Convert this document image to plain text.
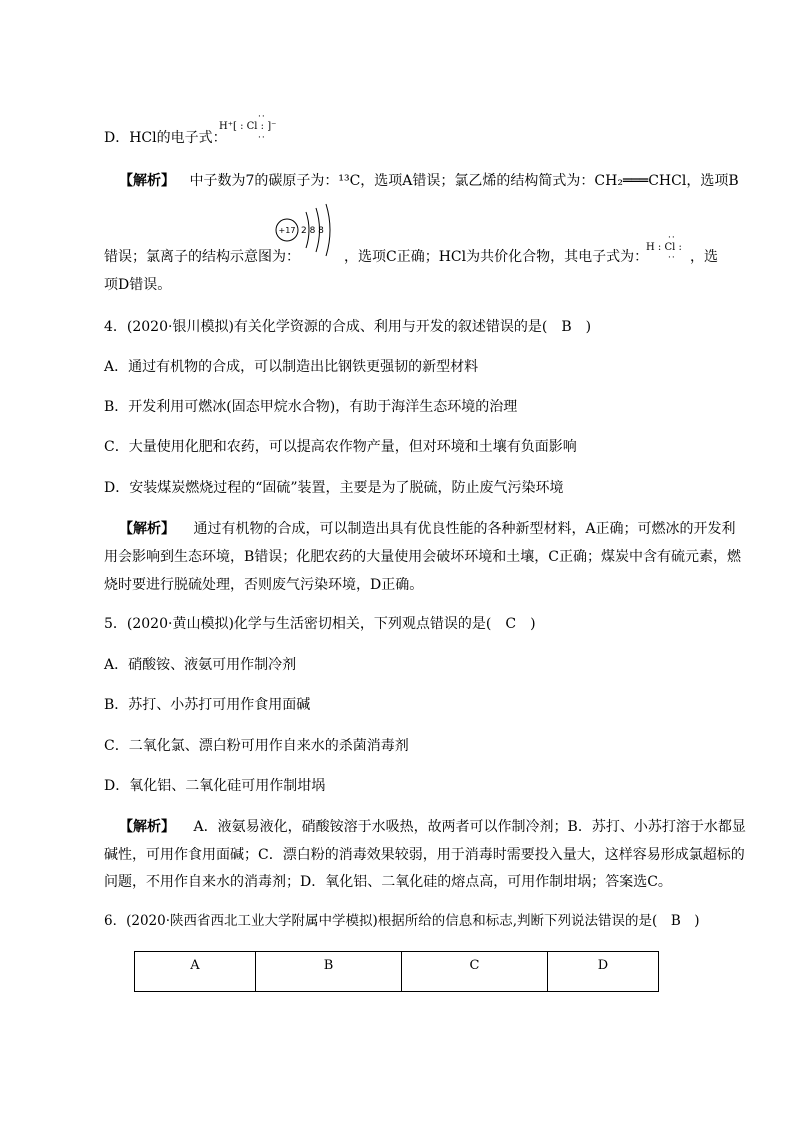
D．HCl的电子式：
··
H⁺[ : Cl : ]⁻
··
【解析】 中子数为7的碳原子为：¹³C，选项A错误；氯乙烯的结构简式为：CH₂═══CHCl，选项B
+17 2 8 8
错误；氯离子的结构示意图为：	，选项C正确；HCl为共价化合物，其电子式为：
··
H : Cl :
·· ，选
项D错误。
4．(2020·银川模拟)有关化学资源的合成、利用与开发的叙述错误的是(　B　)
A．通过有机物的合成，可以制造出比钢铁更强韧的新型材料
B．开发利用可燃冰(固态甲烷水合物)，有助于海洋生态环境的治理
C．大量使用化肥和农药，可以提高农作物产量，但对环境和土壤有负面影响
D．安装煤炭燃烧过程的“固硫”装置，主要是为了脱硫，防止废气污染环境
【解析】 通过有机物的合成，可以制造出具有优良性能的各种新型材料，A正确；可燃冰的开发利
用会影响到生态环境，B错误；化肥农药的大量使用会破坏环境和土壤，C正确；煤炭中含有硫元素，燃
烧时要进行脱硫处理，否则废气污染环境，D正确。
5．(2020·黄山模拟)化学与生活密切相关，下列观点错误的是(　C　)
A．硝酸铵、液氨可用作制冷剂
B．苏打、小苏打可用作食用面碱
C．二氧化氯、漂白粉可用作自来水的杀菌消毒剂
D．氧化铝、二氧化硅可用作制坩埚
【解析】 A．液氨易液化，硝酸铵溶于水吸热，故两者可以作制冷剂；B．苏打、小苏打溶于水都显
碱性，可用作食用面碱；C．漂白粉的消毒效果较弱，用于消毒时需要投入量大，这样容易形成氯超标的
问题，不用作自来水的消毒剂；D．氧化铝、二氧化硅的熔点高，可用作制坩埚；答案选C。
6．(2020·陕西省西北工业大学附属中学模拟)根据所给的信息和标志,判断下列说法错误的是(　B　)
A	B	C	D
